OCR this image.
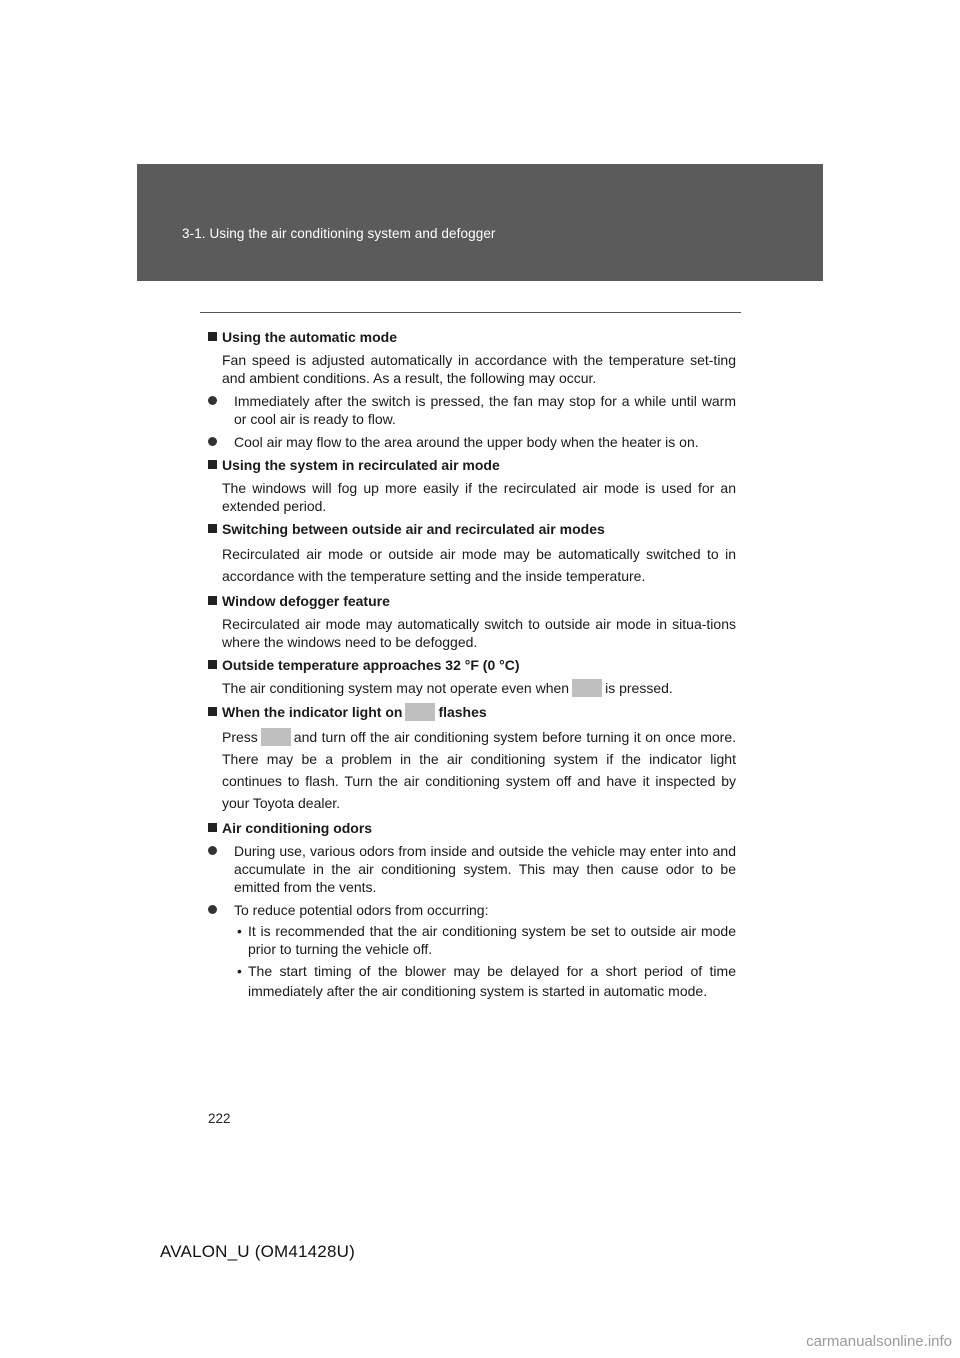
3-1. Using the air conditioning system and defogger
Using the automatic mode
Fan speed is adjusted automatically in accordance with the temperature set-ting and ambient conditions. As a result, the following may occur.
Immediately after the switch is pressed, the fan may stop for a while until warm or cool air is ready to flow.
Cool air may flow to the area around the upper body when the heater is on.
Using the system in recirculated air mode
The windows will fog up more easily if the recirculated air mode is used for an extended period.
Switching between outside air and recirculated air modes
Recirculated air mode or outside air mode may be automatically switched to in accordance with the temperature setting and the inside temperature.
Window defogger feature
Recirculated air mode may automatically switch to outside air mode in situa-tions where the windows need to be defogged.
Outside temperature approaches 32 °F (0 °C)
The air conditioning system may not operate even when	is pressed.
When the indicator light on	flashes
Press	and turn off the air conditioning system before turning it on once more. There may be a problem in the air conditioning system if the indicator light continues to flash. Turn the air conditioning system off and have it inspected by your Toyota dealer.
Air conditioning odors
During use, various odors from inside and outside the vehicle may enter into and accumulate in the air conditioning system. This may then cause odor to be emitted from the vents.
To reduce potential odors from occurring:
• It is recommended that the air conditioning system be set to outside air mode prior to turning the vehicle off.
• The start timing of the blower may be delayed for a short period of time immediately after the air conditioning system is started in automatic mode.
222
AVALON_U (OM41428U)
carmanualsonline.info
